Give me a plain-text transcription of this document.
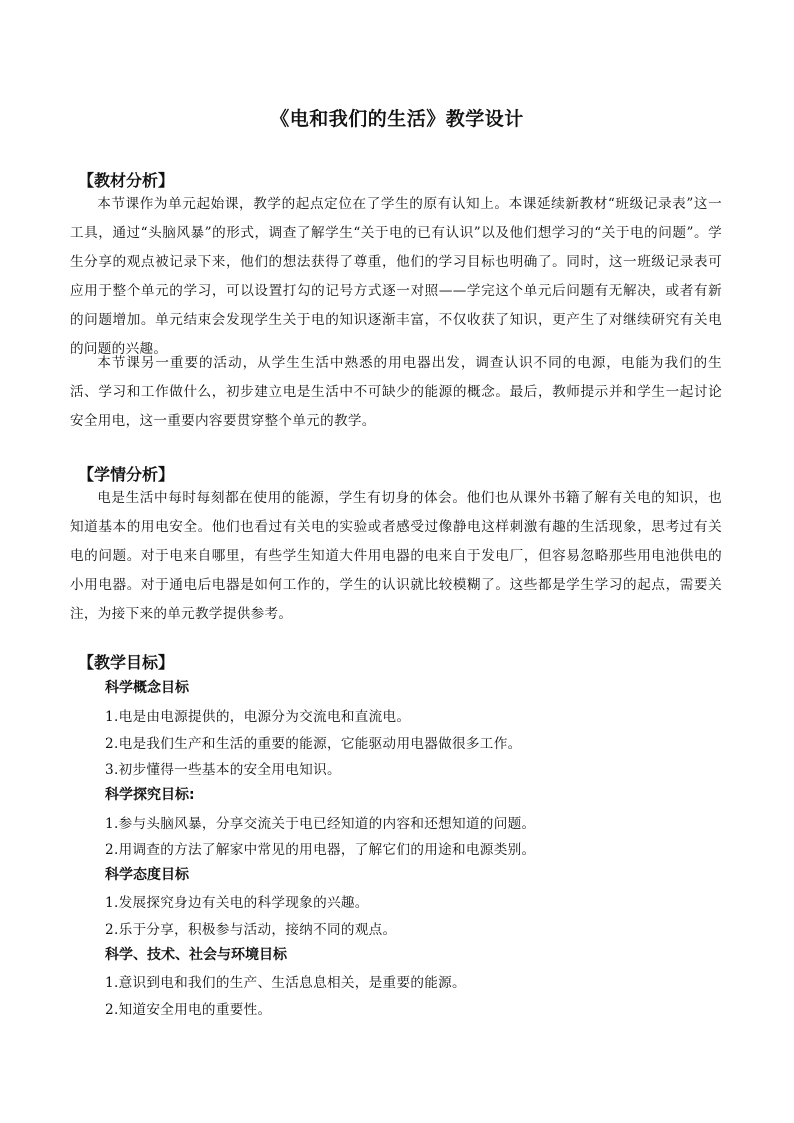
《电和我们的生活》教学设计
【教材分析】

本节课作为单元起始课，教学的起点定位在了学生的原有认知上。本课延续新教材“班级记录表”这一工具，通过“头脑风暴”的形式，调查了解学生“关于电的已有认识”以及他们想学习的“关于电的问题”。学生分享的观点被记录下来，他们的想法获得了尊重，他们的学习目标也明确了。同时，这一班级记录表可应用于整个单元的学习，可以设置打勾的记号方式逐一对照——学完这个单元后问题有无解决，或者有新的问题增加。单元结束会发现学生关于电的知识逐渐丰富，不仅收获了知识，更产生了对继续研究有关电的问题的兴趣。

本节课另一重要的活动，从学生生活中熟悉的用电器出发，调查认识不同的电源，电能为我们的生活、学习和工作做什么，初步建立电是生活中不可缺少的能源的概念。最后，教师提示并和学生一起讨论安全用电，这一重要内容要贯穿整个单元的教学。

【学情分析】

电是生活中每时每刻都在使用的能源，学生有切身的体会。他们也从课外书籍了解有关电的知识，也知道基本的用电安全。他们也看过有关电的实验或者感受过像静电这样刺激有趣的生活现象，思考过有关电的问题。对于电来自哪里，有些学生知道大件用电器的电来自于发电厂，但容易忽略那些用电池供电的小用电器。对于通电后电器是如何工作的，学生的认识就比较模糊了。这些都是学生学习的起点，需要关注，为接下来的单元教学提供参考。

【教学目标】
科学概念目标
1.电是由电源提供的，电源分为交流电和直流电。
2.电是我们生产和生活的重要的能源，它能驱动用电器做很多工作。
3.初步懂得一些基本的安全用电知识。
科学探究目标:
1.参与头脑风暴，分享交流关于电已经知道的内容和还想知道的问题。
2.用调查的方法了解家中常见的用电器，了解它们的用途和电源类别。
科学态度目标
1.发展探究身边有关电的科学现象的兴趣。
2.乐于分享，积极参与活动，接纳不同的观点。
科学、技术、社会与环境目标
1.意识到电和我们的生产、生活息息相关，是重要的能源。
2.知道安全用电的重要性。
